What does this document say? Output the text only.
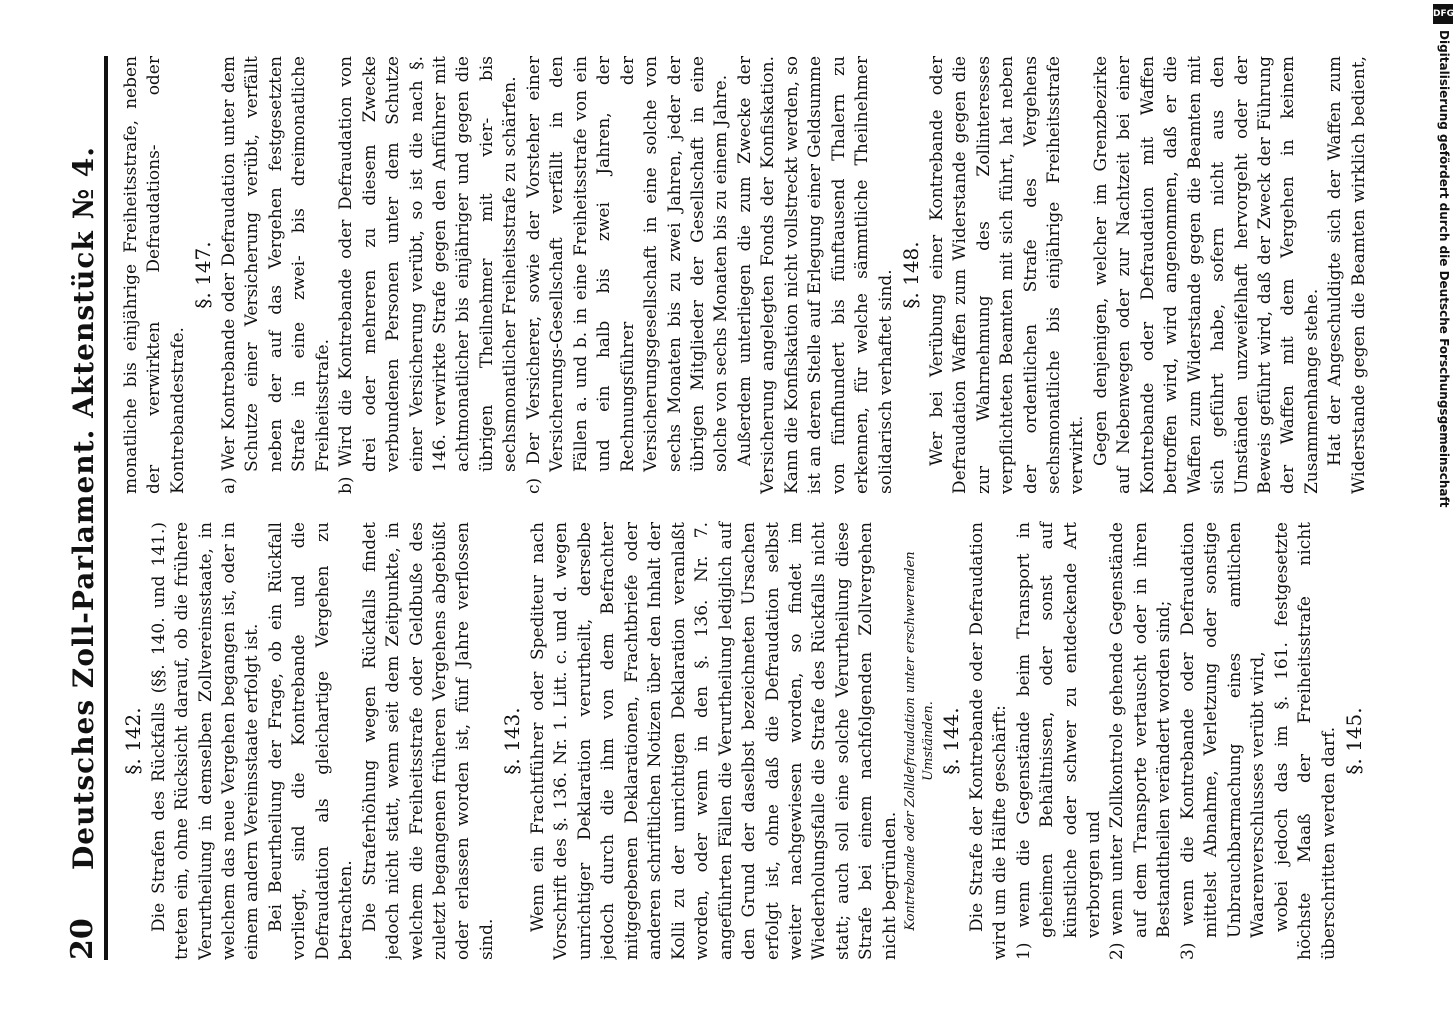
20
Deutsches Zoll-Parlament. Aktenstück № 4. §. 142. Die Strafen des Rückfalls (§§. 140. und 141.) treten ein, ohne Rücksicht darauf, ob die frühere Verurtheilung in demselben Zollvereinsstaate, in welchem das neue Vergehen begangen ist, oder in einem andern Vereinsstaate erfolgt ist. Bei Beurtheilung der Frage, ob ein Rückfall vorliegt, sind die Kontrebande und die Defraudation als gleichartige Vergehen zu betrachten. Die Straferhöhung wegen Rückfalls findet jedoch nicht statt, wenn seit dem Zeitpunkte, in welchem die Freiheitsstrafe oder Geldbuße des zuletzt begangenen früheren Vergehens abgebüßt oder erlassen worden ist, fünf Jahre verflossen sind.

§. 143. Wenn ein Frachtführer oder Spediteur nach Vorschrift des §. 136. Nr. 1. Litt. c. und d. wegen unrichtiger Deklaration verurtheilt, derselbe jedoch durch die ihm von dem Befrachter mitgegebenen Deklarationen, Frachtbriefe oder anderen schriftlichen Notizen über den Inhalt der Kolli zu der unrichtigen Deklaration veranlaßt worden, oder wenn in den §. 136. Nr. 7. angeführten Fällen die Verurtheilung lediglich auf den Grund der daselbst bezeichneten Ursachen erfolgt ist, ohne daß die Defraudation selbst weiter nachgewiesen worden, so findet im Wiederholungsfalle die Strafe des Rückfalls nicht statt; auch soll eine solche Verurtheilung diese Strafe bei einem nachfolgenden Zollvergehen nicht begründen. Kontrebande oder Zolldefraudation unter erschwerenden Umständen. §. 144. Die Strafe der Kontrebande oder Defraudation wird um die Hälfte geschärft: 1) wenn die Gegenstände beim Transport in geheimen Behältnissen, oder sonst auf künstliche oder schwer zu entdeckende Art verborgen und 2) wenn unter Zollkontrole gehende Gegenstände auf dem Transporte vertauscht oder in ihren Bestandtheilen verändert worden sind; 3) wenn die Kontrebande oder Defraudation mittelst Abnahme, Verletzung oder sonstige Unbrauchbarmachung eines amtlichen Waarenverschlusses verübt wird, wobei jedoch das im §. 161. festgesetzte höchste Maaß der Freiheitsstrafe nicht überschritten werden darf. §. 145.

monatliche bis einjährige Freiheitsstrafe, neben der verwirkten Defraudations- oder Kontrebandestrafe.

§. 147. a) Wer Kontrebande oder Defraudation unter dem Schutze einer Versicherung verübt, verfällt neben der auf das Vergehen festgesetzten Strafe in eine zwei- bis dreimonatliche Freiheitsstrafe. b) Wird die Kontrebande oder Defraudation von drei oder mehreren zu diesem Zwecke verbundenen Personen unter dem Schutze einer Versicherung verübt, so ist die nach §. 146. verwirkte Strafe gegen den Anführer mit achtmonatlicher bis einjähriger und gegen die übrigen Theilnehmer mit vier- bis sechsmonatlicher Freiheitsstrafe zu schärfen. c) Der Versicherer, sowie der Vorsteher einer Versicherungs-Gesellschaft verfällt in den Fällen a. und b. in eine Freiheitsstrafe von ein und ein halb bis zwei Jahren, der Rechnungsführer der Versicherungsgesellschaft in eine solche von sechs Monaten bis zu zwei Jahren, jeder der übrigen Mitglieder der Gesellschaft in eine solche von sechs Monaten bis zu einem Jahre. Außerdem unterliegen die zum Zwecke der Versicherung angelegten Fonds der Konfiskation. Kann die Konfiskation nicht vollstreckt werden, so ist an deren Stelle auf Erlegung einer Geldsumme von fünfhundert bis fünftausend Thalern zu erkennen, für welche sämmtliche Theilnehmer solidarisch verhaftet sind. §. 148. Wer bei Verübung einer Kontrebande oder Defraudation Waffen zum Widerstande gegen die zur Wahrnehmung des Zollinteresses verpflichteten Beamten mit sich führt, hat neben der ordentlichen Strafe des Vergehens sechsmonatliche bis einjährige Freiheitsstrafe verwirkt. Gegen denjenigen, welcher im Grenzbezirke auf Nebenwegen oder zur Nachtzeit bei einer Kontrebande oder Defraudation mit Waffen betroffen wird, wird angenommen, daß er die Waffen zum Widerstande gegen die Beamten mit sich geführt habe, sofern nicht aus den Umständen unzweifelhaft hervorgeht oder der Beweis geführt wird, daß der Zweck der Führung der Waffen mit dem Vergehen in keinem Zusammenhange stehe. Hat der Angeschuldigte sich der Waffen zum Widerstande gegen die Beamten wirklich bedient,

DFG
Digitalisierung gefördert durch die Deutsche Forschungsgemeinschaft
